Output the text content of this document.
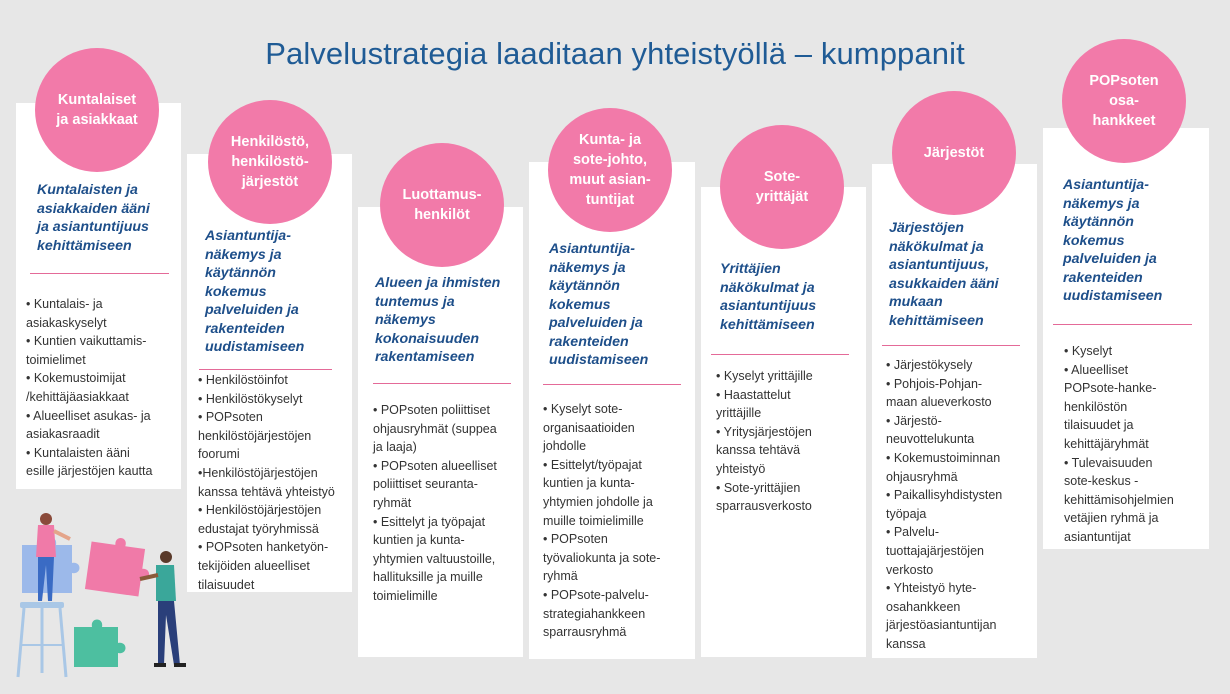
Palvelustrategia laaditaan yhteistyöllä – kumppanit
Kuntalaiset
ja asiakkaat
Kuntalaisten ja
asiakkaiden ääni
ja asiantuntijuus
kehittämiseen
• Kuntalais- ja
asiakaskyselyt
• Kuntien vaikuttamis-
toimielimet
• Kokemustoimijat
/kehittäjäasiakkaat
• Alueelliset asukas- ja
asiakasraadit
• Kuntalaisten ääni
esille järjestöjen kautta
Henkilöstö,
henkilöstö-
järjestöt
Asiantuntija-
näkemys ja
käytännön
kokemus
palveluiden ja
rakenteiden
uudistamiseen
• Henkilöstöinfot
• Henkilöstökyselyt
• POPsoten
henkilöstöjärjestöjen
foorumi
•Henkilöstöjärjestöjen
kanssa tehtävä yhteistyö
• Henkilöstöjärjestöjen
edustajat työryhmissä
• POPsoten hanketyön-
tekijöiden alueelliset
tilaisuudet
Luottamus-
henkilöt
Alueen ja ihmisten
tuntemus ja
näkemys
kokonaisuuden
rakentamiseen
• POPsoten poliittiset
ohjausryhmät (suppea
ja laaja)
• POPsoten alueelliset
poliittiset seuranta-
ryhmät
• Esittelyt ja työpajat
kuntien ja kunta-
yhtymien valtuustoille,
hallituksille ja muille
toimielimille
Kunta- ja
sote-johto,
muut asian-
tuntijat
Asiantuntija-
näkemys ja
käytännön
kokemus
palveluiden ja
rakenteiden
uudistamiseen
• Kyselyt sote-
organisaatioiden
johdolle
• Esittelyt/työpajat
kuntien ja kunta-
yhtymien johdolle ja
muille toimielimille
• POPsoten
työvaliokunta ja sote-
ryhmä
• POPsote-palvelu-
strategiahankkeen
sparrausryhmä
Sote-
yrittäjät
Yrittäjien
näkökulmat ja
asiantuntijuus
kehittämiseen
• Kyselyt yrittäjille
• Haastattelut
yrittäjille
• Yritysjärjestöjen
kanssa tehtävä
yhteistyö
• Sote-yrittäjien
sparrausverkosto
Järjestöt
Järjestöjen
näkökulmat ja
asiantuntijuus,
asukkaiden ääni
mukaan
kehittämiseen
• Järjestökysely
• Pohjois-Pohjan-
maan alueverkosto
• Järjestö-
neuvottelukunta
• Kokemustoiminnan
ohjausryhmä
• Paikallisyhdistysten
työpaja
• Palvelu-
tuottajajärjestöjen
verkosto
• Yhteistyö hyte-
osahankkeen
järjestöasiantuntijan
kanssa
POPsoten
osa-
hankkeet
Asiantuntija-
näkemys ja
käytännön
kokemus
palveluiden ja
rakenteiden
uudistamiseen
• Kyselyt
• Alueelliset
POPsote-hanke-
henkilöstön
tilaisuudet ja
kehittäjäryhmät
• Tulevaisuuden
sote-keskus -
kehittämisohjelmien
vetäjien ryhmä ja
asiantuntijat
